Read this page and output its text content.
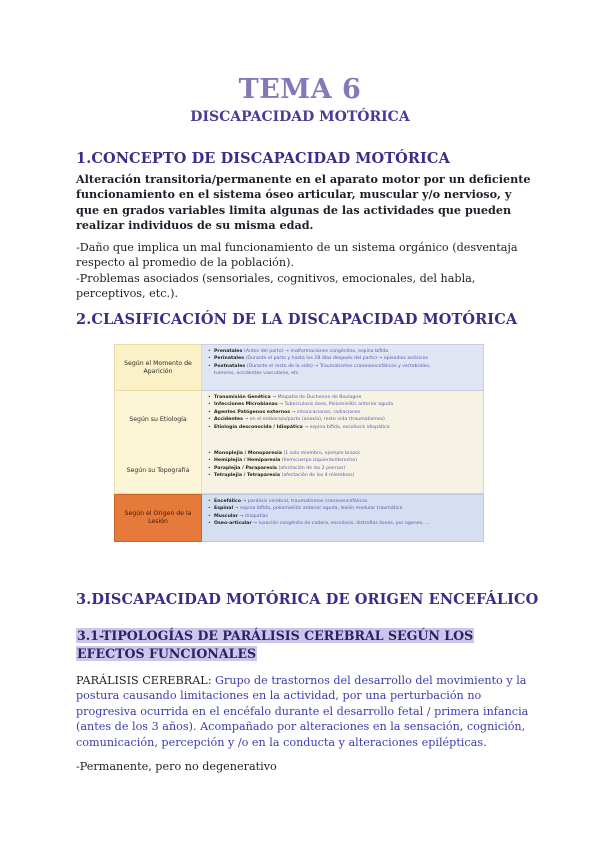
TEMA 6
DISCAPACIDAD MOTÓRICA
1.CONCEPTO DE DISCAPACIDAD MOTÓRICA
Alteración transitoria/permanente en el aparato motor por un deficiente funcionamiento en el sistema óseo articular, muscular y/o nervioso, y que en grados variables limita algunas de las actividades que pueden realizar individuos de su misma edad.
-Daño que implica un mal funcionamiento de un sistema orgánico (desventaja respecto al promedio de la población).
-Problemas asociados (sensoriales, cognitivos, emocionales, del habla, perceptivos, etc.).
2.CLASIFICACIÓN DE LA DISCAPACIDAD MOTÓRICA
Según el Momento de Aparición
• Prenatales (Antes del parto) → malformaciones congénitas, espina bífida
• Perinatales (Durante el parto y hasta los 28 días después del parto) → episodios anóxicos
• Postnatales (Durante el resto de la vida) → Traumatismos craneoencefálicos y vertebrales,
tumores, accidentes vasculares, etc.
Según su Etiología
• Transmisión Genética → Miopatía de Duchenne de Boulogne
• Infecciones Microbianas → Tuberculosis ósea, Poliomielitis anterior aguda
• Agentes Patógenos externos → intoxicaciones, radiaciones
• Accidentes → en el embarazo/parto (anoxia), resto vida (traumatismos)
• Etiología desconocida / Idiopática → espina bífida, escoliosis idiopática
Según su Topografía
• Monoplejia / Monoparesia (1 solo miembro, ejemplo brazo)
• Hemiplejia / Hemiparesia (hemicuerpo izquierdo/derecho)
• Paraplejia / Paraparesia (afectación de las 2 piernas)
• Tetraplejia / Tetraparesia (afectación de los 4 miembros)
Según el Origen de la Lesión
• Encefálico → parálisis cerebral, traumatismos craneoencefálicos
• Espinal → espina bífida, poliomielitis anterior aguda, lesión medular traumática
• Muscular → miopatías
• Óseo-articular → luxación congénita de cadera, escoliosis, distrofias óseas, por agenes, ...
3.DISCAPACIDAD MOTÓRICA DE ORIGEN ENCEFÁLICO
3.1-TIPOLOGÍAS DE PARÁLISIS CEREBRAL SEGÚN LOS EFECTOS FUNCIONALES
PARÁLISIS CEREBRAL: Grupo de trastornos del desarrollo del movimiento y la postura causando limitaciones en la actividad, por una perturbación no progresiva ocurrida en el encéfalo durante el desarrollo fetal / primera infancia (antes de los 3 años). Acompañado por alteraciones en la sensación, cognición, comunicación, percepción y /o en la conducta y alteraciones epilépticas.
-Permanente, pero no degenerativo
